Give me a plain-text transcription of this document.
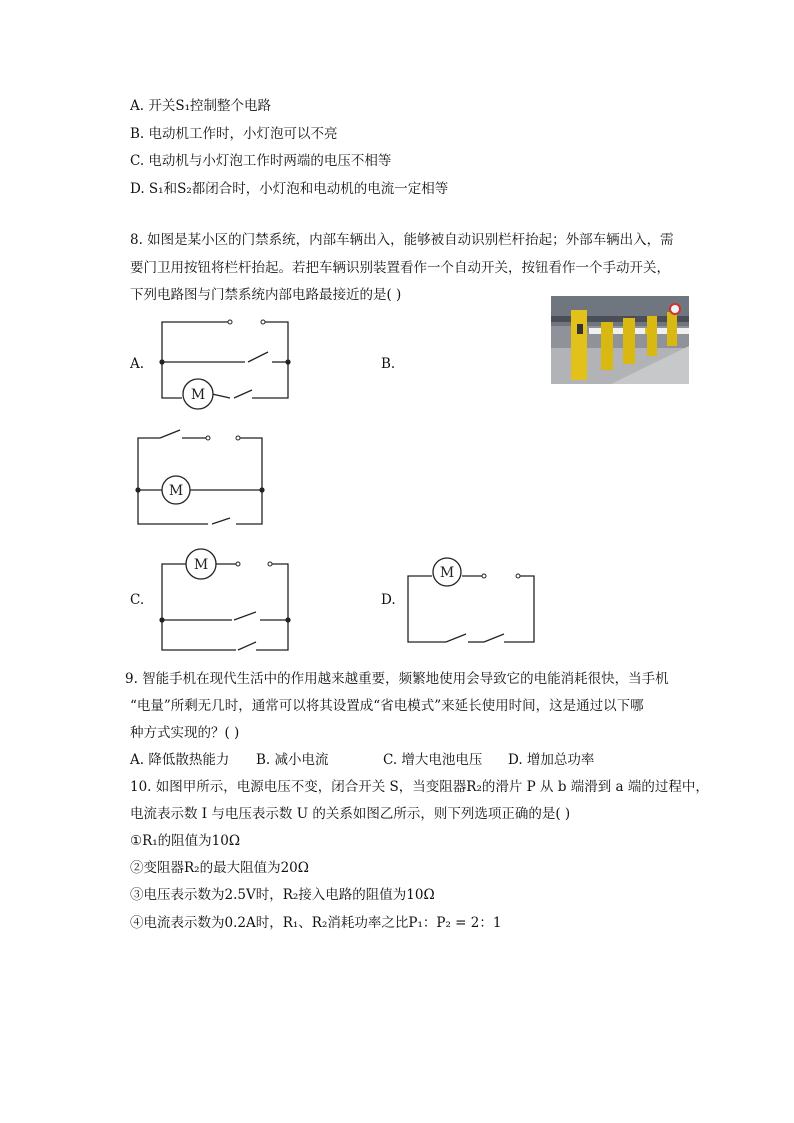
A. 开关S₁控制整个电路
B. 电动机工作时，小灯泡可以不亮
C. 电动机与小灯泡工作时两端的电压不相等
D. S₁和S₂都闭合时，小灯泡和电动机的电流一定相等
8. 如图是某小区的门禁系统，内部车辆出入，能够被自动识别栏杆抬起；外部车辆出入，需
要门卫用按钮将栏杆抬起。若把车辆识别装置看作一个自动开关，按钮看作一个手动开关，
下列电路图与门禁系统内部电路最接近的是( )
A.	B.
C.	D.
M
M
M	M
9. 智能手机在现代生活中的作用越来越重要，频繁地使用会导致它的电能消耗很快，当手机
“电量”所剩无几时，通常可以将其设置成“省电模式”来延长使用时间，这是通过以下哪
种方式实现的？( )
A. 降低散热能力 B. 减小电流	C. 增大电池电压 D. 增加总功率
10. 如图甲所示，电源电压不变，闭合开关 S，当变阻器R₂的滑片 P 从 b 端滑到 a 端的过程中，
电流表示数 I 与电压表示数 U 的关系如图乙所示，则下列选项正确的是( )
①R₁的阻值为10Ω
②变阻器R₂的最大阻值为20Ω
③电压表示数为2.5V时，R₂接入电路的阻值为10Ω
④电流表示数为0.2A时，R₁、R₂消耗功率之比P₁：P₂ = 2：1
